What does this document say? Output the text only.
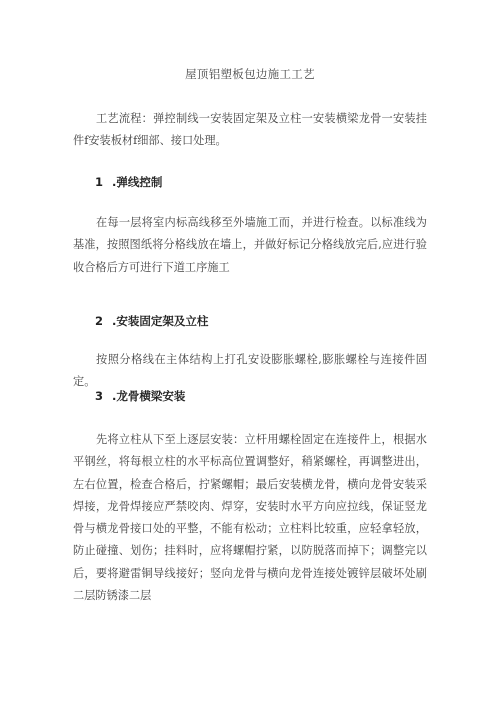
屋顶铝塑板包边施工工艺

工艺流程：弹控制线一安装固定架及立柱一安装横梁龙骨一安装挂件f安装板材f细部、接口处理。

1 .弹线控制

在每一层将室内标高线移至外墙施工而，并进行检查。以标准线为基准，按照图纸将分格线放在墙上，并做好标记分格线放完后,应进行验收合格后方可进行下道工序施工

2 .安装固定架及立柱

按照分格线在主体结构上打孔安设膨胀螺栓,膨胀螺栓与连接件固定。

3 .龙骨横梁安装

先将立柱从下至上逐层安装：立杆用螺栓固定在连接件上，根据水平钢丝，将每根立柱的水平标高位置调整好，稍紧螺栓，再调整进出，左右位置，检查合格后，拧紧螺帽；最后安装横龙骨，横向龙骨安装采焊接，龙骨焊接应严禁咬肉、焊穿，安装时水平方向应拉线，保证竖龙骨与横龙骨接口处的平整，不能有松动；立柱料比较重，应轻拿轻放，防止碰撞、划伤；挂料时，应将螺帽拧紧，以防脱落而掉下；调整完以后，要将避雷铜导线接好；竖向龙骨与横向龙骨连接处镀锌层破坏处刷二层防锈漆二层
